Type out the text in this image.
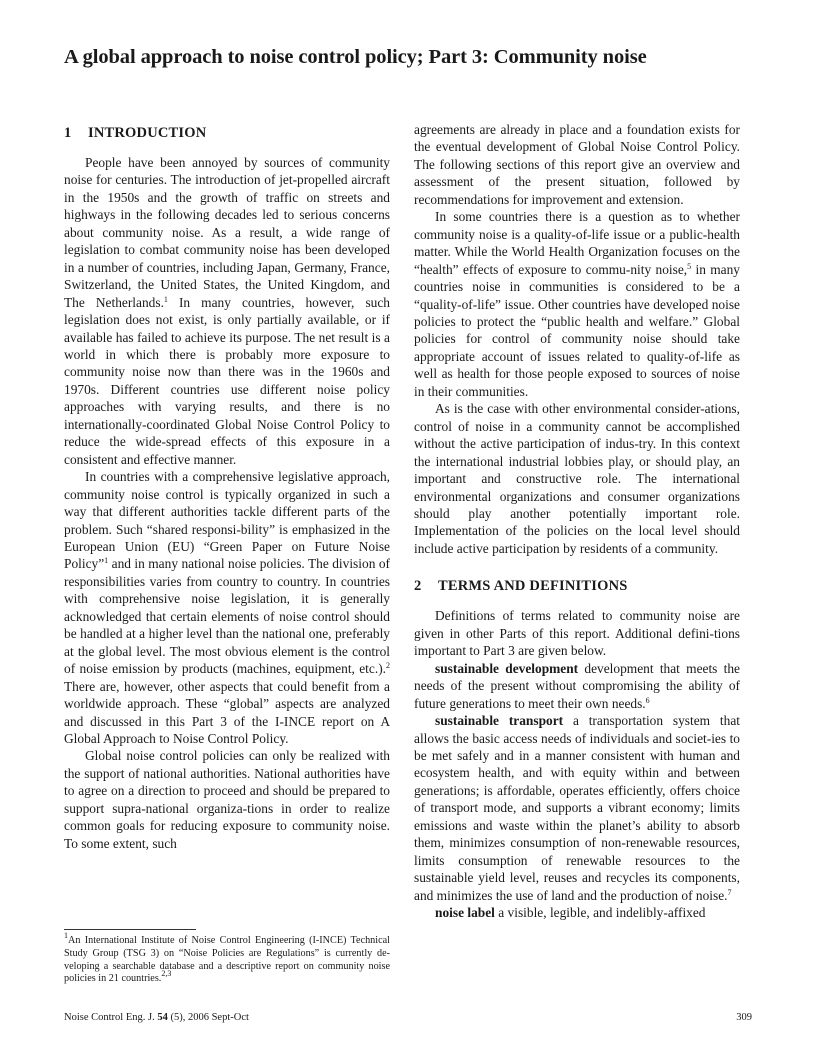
A global approach to noise control policy; Part 3: Community noise
1 INTRODUCTION

People have been annoyed by sources of community noise for centuries. The introduction of jet-propelled aircraft in the 1950s and the growth of traffic on streets and highways in the following decades led to serious concerns about community noise. As a result, a wide range of legislation to combat community noise has been developed in a number of countries, including Japan, Germany, France, Switzerland, the United States, the United Kingdom, and The Netherlands.$^1$ In many countries, however, such legislation does not exist, is only partially available, or if available has failed to achieve its purpose. The net result is a world in which there is probably more exposure to community noise now than there was in the 1960s and 1970s. Different countries use different noise policy approaches with varying results, and there is no internationally-coordinated Global Noise Control Policy to reduce the wide-spread effects of this exposure in a consistent and effective manner.

In countries with a comprehensive legislative approach, community noise control is typically organized in such a way that different authorities tackle different parts of the problem. Such “shared responsi-bility” is emphasized in the European Union (EU) “Green Paper on Future Noise Policy”$^1$ and in many national noise policies. The division of responsibilities varies from country to country. In countries with comprehensive noise legislation, it is generally acknowledged that certain elements of noise control should be handled at a higher level than the national one, preferably at the global level. The most obvious element is the control of noise emission by products (machines, equipment, etc.).$^2$ There are, however, other aspects that could benefit from a worldwide approach. These “global” aspects are analyzed and discussed in this Part 3 of the I-INCE report on A Global Approach to Noise Control Policy.

Global noise control policies can only be realized with the support of national authorities. National authorities have to agree on a direction to proceed and should be prepared to support supra-national organiza-tions in order to realize common goals for reducing exposure to community noise. To some extent, such

$^1$An International Institute of Noise Control Engineering (I-INCE) Technical Study Group (TSG 3) on “Noise Policies are Regulations” is currently de-veloping a searchable database and a descriptive report on community noise policies in 21 countries.$^{2,3}$

agreements are already in place and a foundation exists for the eventual development of Global Noise Control Policy. The following sections of this report give an overview and assessment of the present situation, followed by recommendations for improvement and extension.

In some countries there is a question as to whether community noise is a quality-of-life issue or a public-health matter. While the World Health Organization focuses on the “health” effects of exposure to commu-nity noise,$^5$ in many countries noise in communities is considered to be a “quality-of-life” issue. Other countries have developed noise policies to protect the “public health and welfare.” Global policies for control of community noise should take appropriate account of issues related to quality-of-life as well as health for those people exposed to sources of noise in their communities.

As is the case with other environmental consider-ations, control of noise in a community cannot be accomplished without the active participation of indus-try. In this context the international industrial lobbies play, or should play, an important and constructive role. The international environmental organizations and consumer organizations should play another potentially important role. Implementation of the policies on the local level should include active participation by residents of a community.

2 TERMS AND DEFINITIONS

Definitions of terms related to community noise are given in other Parts of this report. Additional defini-tions important to Part 3 are given below.

sustainable development development that meets the needs of the present without compromising the ability of future generations to meet their own needs.$^6$

sustainable transport a transportation system that allows the basic access needs of individuals and societ-ies to be met safely and in a manner consistent with human and ecosystem health, and with equity within and between generations; is affordable, operates efficiently, offers choice of transport mode, and supports a vibrant economy; limits emissions and waste within the planet’s ability to absorb them, minimizes consumption of non-renewable resources, limits consumption of renewable resources to the sustainable yield level, reuses and recycles its components, and minimizes the use of land and the production of noise.$^7$

noise label a visible, legible, and indelibly-affixed

Noise Control Eng. J. 54 (5), 2006 Sept-Oct	309
